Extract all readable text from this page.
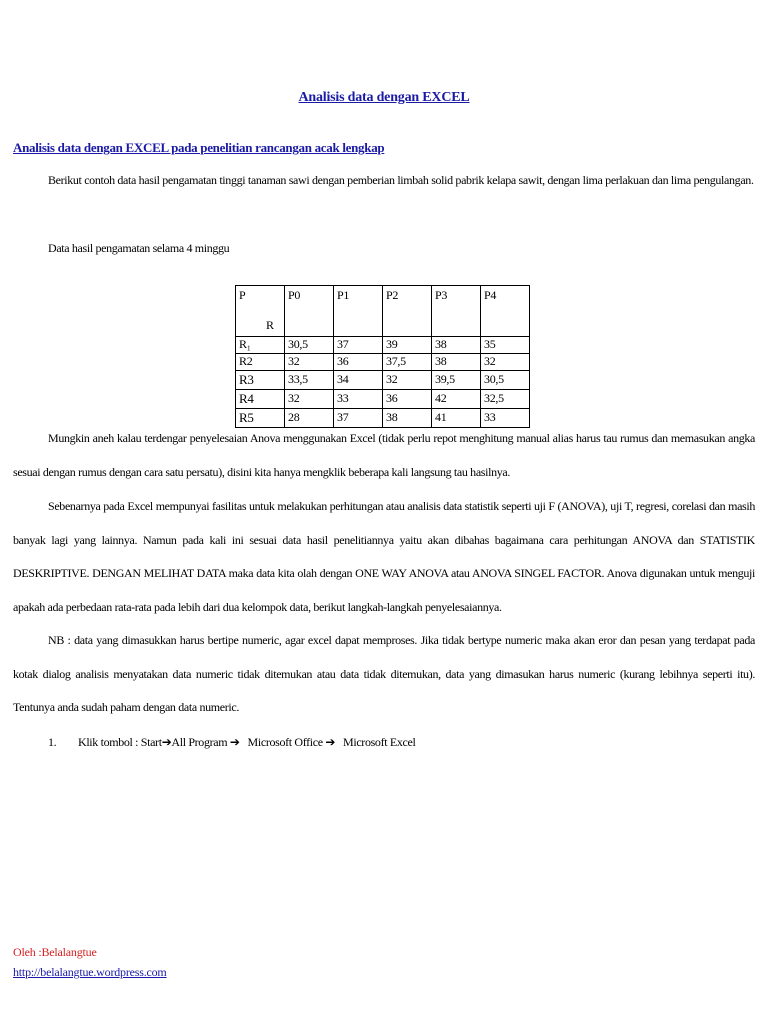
Analisis data dengan EXCEL
Analisis data dengan EXCEL pada penelitian rancangan acak lengkap
Berikut contoh data hasil pengamatan tinggi tanaman sawi dengan pemberian limbah solid pabrik kelapa sawit, dengan lima perlakuan dan lima pengulangan.
Data hasil pengamatan selama 4 minggu
P
R	P0	P1	P2	P3	P4
R₁	30,5	37	39	38	35
R2	32	36	37,5	38	32
R3	33,5	34	32	39,5	30,5
R4	32	33	36	42	32,5
R5	28	37	38	41	33
Mungkin aneh kalau terdengar penyelesaian Anova menggunakan Excel (tidak perlu repot menghitung manual alias harus tau rumus dan memasukan angka sesuai dengan rumus dengan cara satu persatu), disini kita hanya mengklik beberapa kali langsung tau hasilnya.
Sebenarnya pada Excel mempunyai fasilitas untuk melakukan perhitungan atau analisis data statistik seperti uji F (ANOVA), uji T, regresi, corelasi dan masih banyak lagi yang lainnya. Namun pada kali ini sesuai data hasil penelitiannya yaitu akan dibahas bagaimana cara perhitungan ANOVA dan STATISTIK DESKRIPTIVE. DENGAN MELIHAT DATA maka data kita olah dengan ONE WAY ANOVA atau ANOVA SINGEL FACTOR. Anova digunakan untuk menguji apakah ada perbedaan rata-rata pada lebih dari dua kelompok data, berikut langkah-langkah penyelesaiannya.
NB : data yang dimasukkan harus bertipe numeric, agar excel dapat memproses. Jika tidak bertype numeric maka akan eror dan pesan yang terdapat pada kotak dialog analisis menyatakan data numeric tidak ditemukan atau data tidak ditemukan, data yang dimasukan harus numeric (kurang lebihnya seperti itu). Tentunya anda sudah paham dengan data numeric.
1. Klik tombol : Start➔All Program ➔ Microsoft Office ➔ Microsoft Excel
Oleh :Belalangtue
http://belalangtue.wordpress.com
